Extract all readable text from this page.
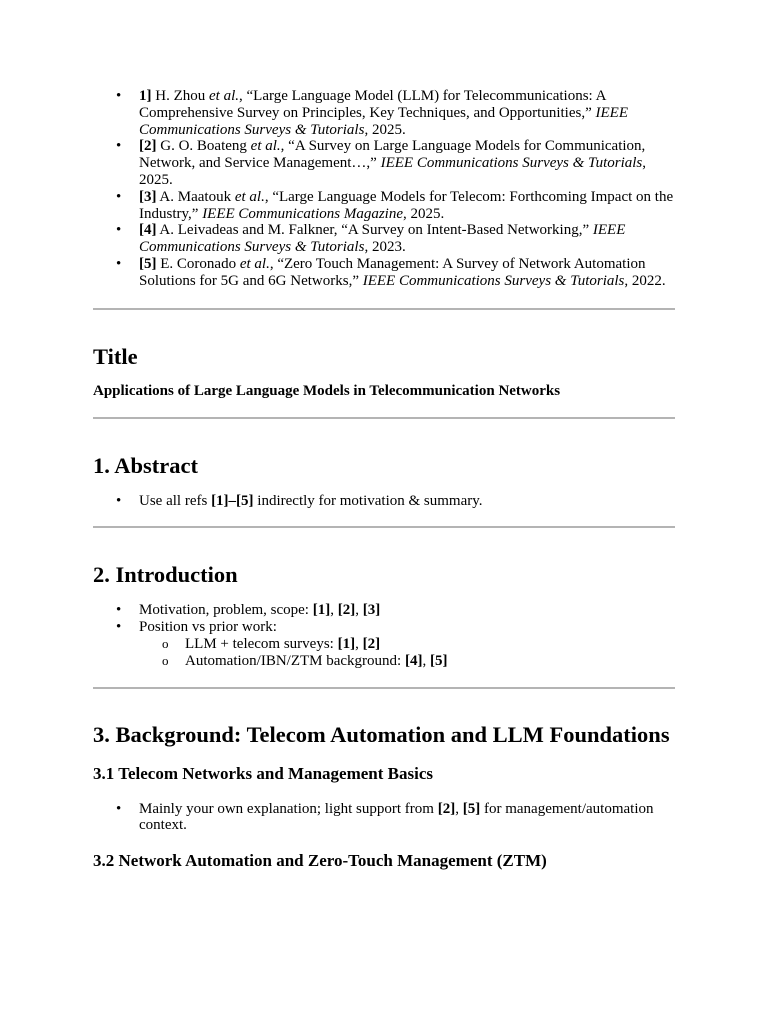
• 1] H. Zhou et al., “Large Language Model (LLM) for Telecommunications: A Comprehensive Survey on Principles, Key Techniques, and Opportunities,” IEEE Communications Surveys & Tutorials, 2025.
• [2] G. O. Boateng et al., “A Survey on Large Language Models for Communication, Network, and Service Management…,” IEEE Communications Surveys & Tutorials, 2025.
• [3] A. Maatouk et al., “Large Language Models for Telecom: Forthcoming Impact on the Industry,” IEEE Communications Magazine, 2025.
• [4] A. Leivadeas and M. Falkner, “A Survey on Intent-Based Networking,” IEEE Communications Surveys & Tutorials, 2023.
• [5] E. Coronado et al., “Zero Touch Management: A Survey of Network Automation Solutions for 5G and 6G Networks,” IEEE Communications Surveys & Tutorials, 2022.
Title

Applications of Large Language Models in Telecommunication Networks

1. Abstract
• Use all refs [1]–[5] indirectly for motivation & summary.
2. Introduction
• Motivation, problem, scope: [1], [2], [3]
• Position vs prior work:
o LLM + telecom surveys: [1], [2]
o Automation/IBN/ZTM background: [4], [5]
3. Background: Telecom Automation and LLM Foundations
3.1 Telecom Networks and Management Basics
• Mainly your own explanation; light support from [2], [5] for management/automation context.
3.2 Network Automation and Zero-Touch Management (ZTM)
